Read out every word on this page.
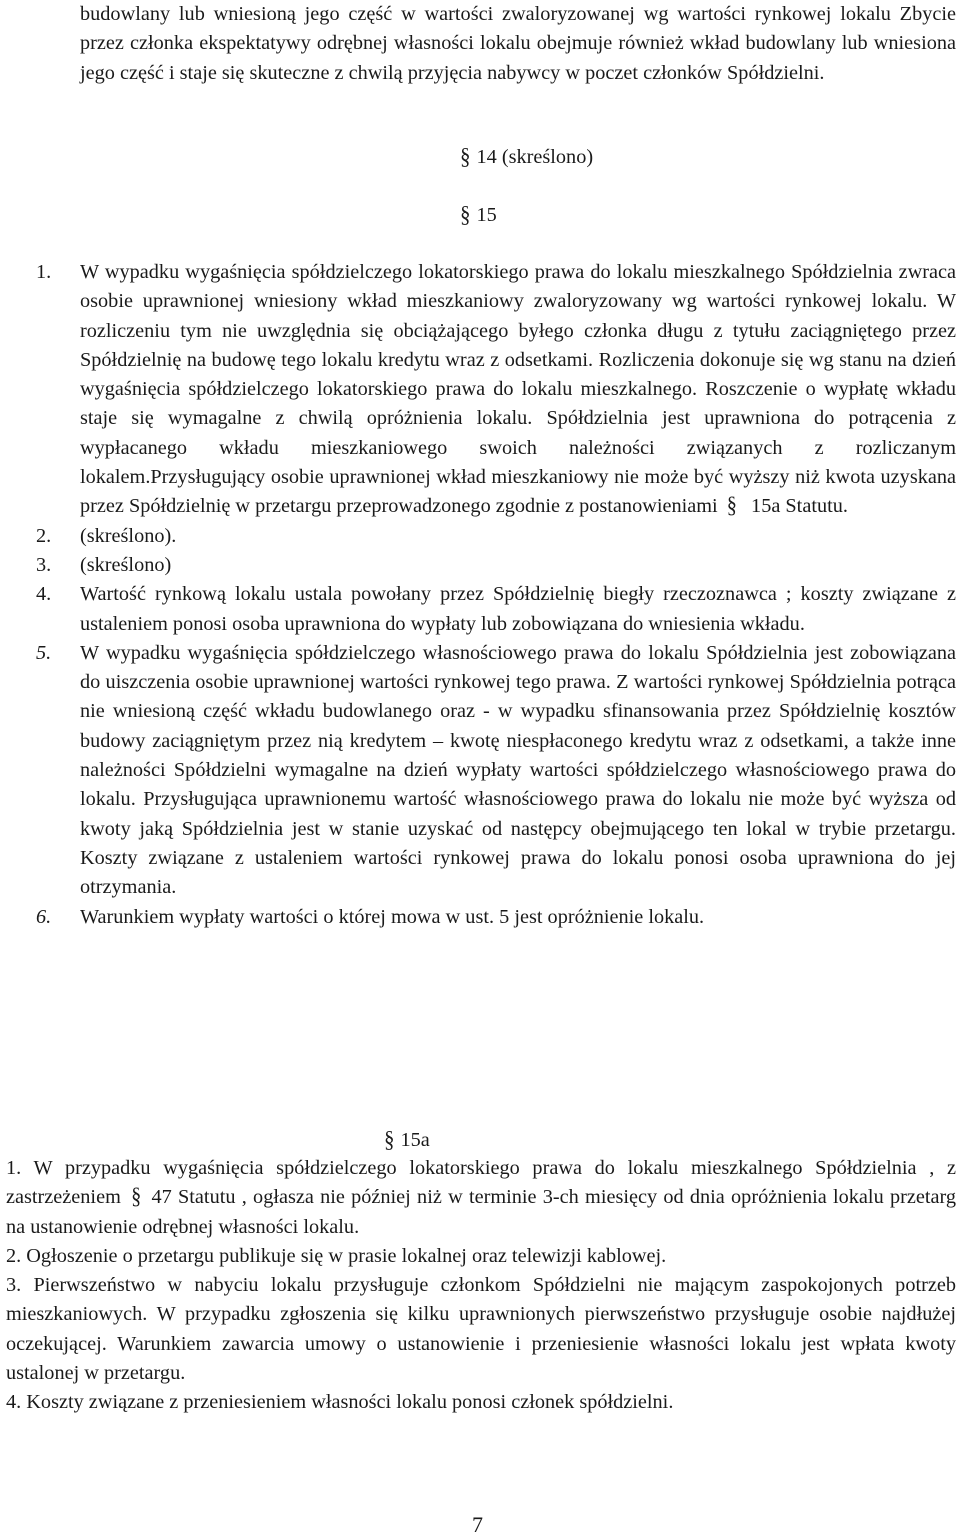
budowlany lub wniesioną jego część w wartości zwaloryzowanej wg wartości rynkowej lokalu Zbycie przez członka ekspektatywy odrębnej własności lokalu obejmuje również wkład budowlany lub wniesiona jego część i staje się skuteczne z chwilą przyjęcia nabywcy w poczet członków Spółdzielni.
§ 14 (skreślono)
§ 15
1.	W wypadku wygaśnięcia spółdzielczego lokatorskiego prawa do lokalu mieszkalnego Spółdzielnia zwraca osobie uprawnionej wniesiony wkład mieszkaniowy zwaloryzowany wg wartości rynkowej lokalu. W rozliczeniu tym nie uwzględnia się obciążającego byłego członka długu z tytułu zaciągniętego przez Spółdzielnię na budowę tego lokalu kredytu wraz z odsetkami. Rozliczenia dokonuje się wg stanu na dzień wygaśnięcia spółdzielczego lokatorskiego prawa do lokalu mieszkalnego. Roszczenie o wypłatę wkładu staje się wymagalne z chwilą opróżnienia lokalu. Spółdzielnia jest uprawniona do potrącenia z wypłacanego wkładu mieszkaniowego swoich należności związanych z rozliczanym lokalem.Przysługujący osobie uprawnionej wkład mieszkaniowy nie może być wyższy niż kwota uzyskana przez Spółdzielnię w przetargu przeprowadzonego zgodnie z postanowieniami § 15a Statutu.
2.	(skreślono).
3.	(skreślono)
4.	Wartość rynkową lokalu ustala powołany przez Spółdzielnię biegły rzeczoznawca ; koszty związane z ustaleniem ponosi osoba uprawniona do wypłaty lub zobowiązana do wniesienia wkładu.
5.	W wypadku wygaśnięcia spółdzielczego własnościowego prawa do lokalu Spółdzielnia jest zobowiązana do uiszczenia osobie uprawnionej wartości rynkowej tego prawa. Z wartości rynkowej Spółdzielnia potrąca nie wniesioną część wkładu budowlanego oraz - w wypadku sfinansowania przez Spółdzielnię kosztów budowy zaciągniętym przez nią kredytem – kwotę niespłaconego kredytu wraz z odsetkami, a także inne należności Spółdzielni wymagalne na dzień wypłaty wartości spółdzielczego własnościowego prawa do lokalu. Przysługująca uprawnionemu wartość własnościowego prawa do lokalu nie może być wyższa od kwoty jaką Spółdzielnia jest w stanie uzyskać od następcy obejmującego ten lokal w trybie przetargu. Koszty związane z ustaleniem wartości rynkowej prawa do lokalu ponosi osoba uprawniona do jej otrzymania.
6.	Warunkiem wypłaty wartości o której mowa w ust. 5 jest opróżnienie lokalu.
§ 15a
1. W przypadku wygaśnięcia spółdzielczego lokatorskiego prawa do lokalu mieszkalnego Spółdzielnia , z zastrzeżeniem § 47 Statutu , ogłasza nie później niż w terminie 3-ch miesięcy od dnia opróżnienia lokalu przetarg na ustanowienie odrębnej własności lokalu.
2. Ogłoszenie o przetargu publikuje się w prasie lokalnej oraz telewizji kablowej.
3. Pierwszeństwo w nabyciu lokalu przysługuje członkom Spółdzielni nie mającym zaspokojonych potrzeb mieszkaniowych. W przypadku zgłoszenia się kilku uprawnionych pierwszeństwo przysługuje osobie najdłużej oczekującej. Warunkiem zawarcia umowy o ustanowienie i przeniesienie własności lokalu jest wpłata kwoty ustalonej w przetargu.
4. Koszty związane z przeniesieniem własności lokalu ponosi członek spółdzielni.
7
